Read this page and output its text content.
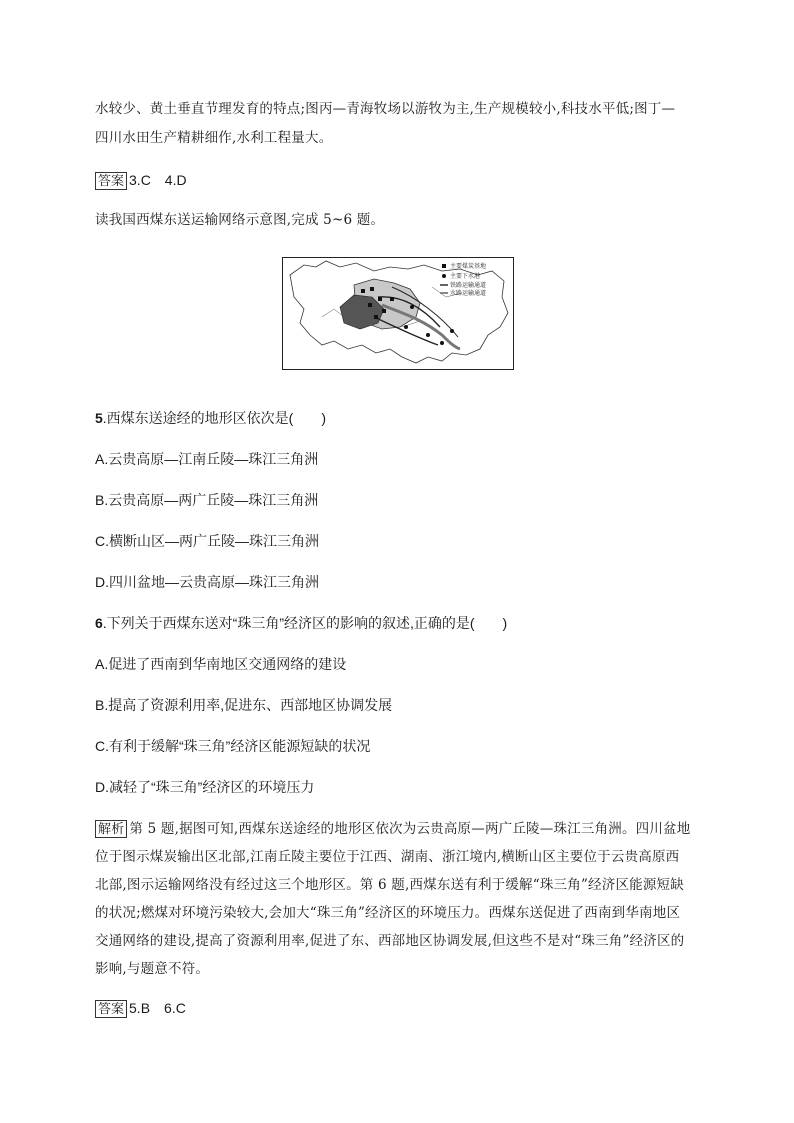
水较少、黄土垂直节理发育的特点;图丙—青海牧场以游牧为主,生产规模较小,科技水平低;图丁—
四川水田生产精耕细作,水利工程量大。
答案 3.C　4.D
读我国西煤东送运输网络示意图,完成 5~6 题。
主要煤炭基地
主要下水港
铁路运输通道
水路运输通道
5.西煤东送途经的地形区依次是(　　)
A.云贵高原—江南丘陵—珠江三角洲
B.云贵高原—两广丘陵—珠江三角洲
C.横断山区—两广丘陵—珠江三角洲
D.四川盆地—云贵高原—珠江三角洲
6.下列关于西煤东送对“珠三角”经济区的影响的叙述,正确的是(　　)
A.促进了西南到华南地区交通网络的建设
B.提高了资源利用率,促进东、西部地区协调发展
C.有利于缓解“珠三角”经济区能源短缺的状况
D.减轻了“珠三角”经济区的环境压力
解析 第 5 题,据图可知,西煤东送途经的地形区依次为云贵高原—两广丘陵—珠江三角洲。四川盆地
位于图示煤炭输出区北部,江南丘陵主要位于江西、湖南、浙江境内,横断山区主要位于云贵高原西
北部,图示运输网络没有经过这三个地形区。第 6 题,西煤东送有利于缓解“珠三角”经济区能源短缺
的状况;燃煤对环境污染较大,会加大“珠三角”经济区的环境压力。西煤东送促进了西南到华南地区
交通网络的建设,提高了资源利用率,促进了东、西部地区协调发展,但这些不是对“珠三角”经济区的
影响,与题意不符。
答案 5.B　6.C
